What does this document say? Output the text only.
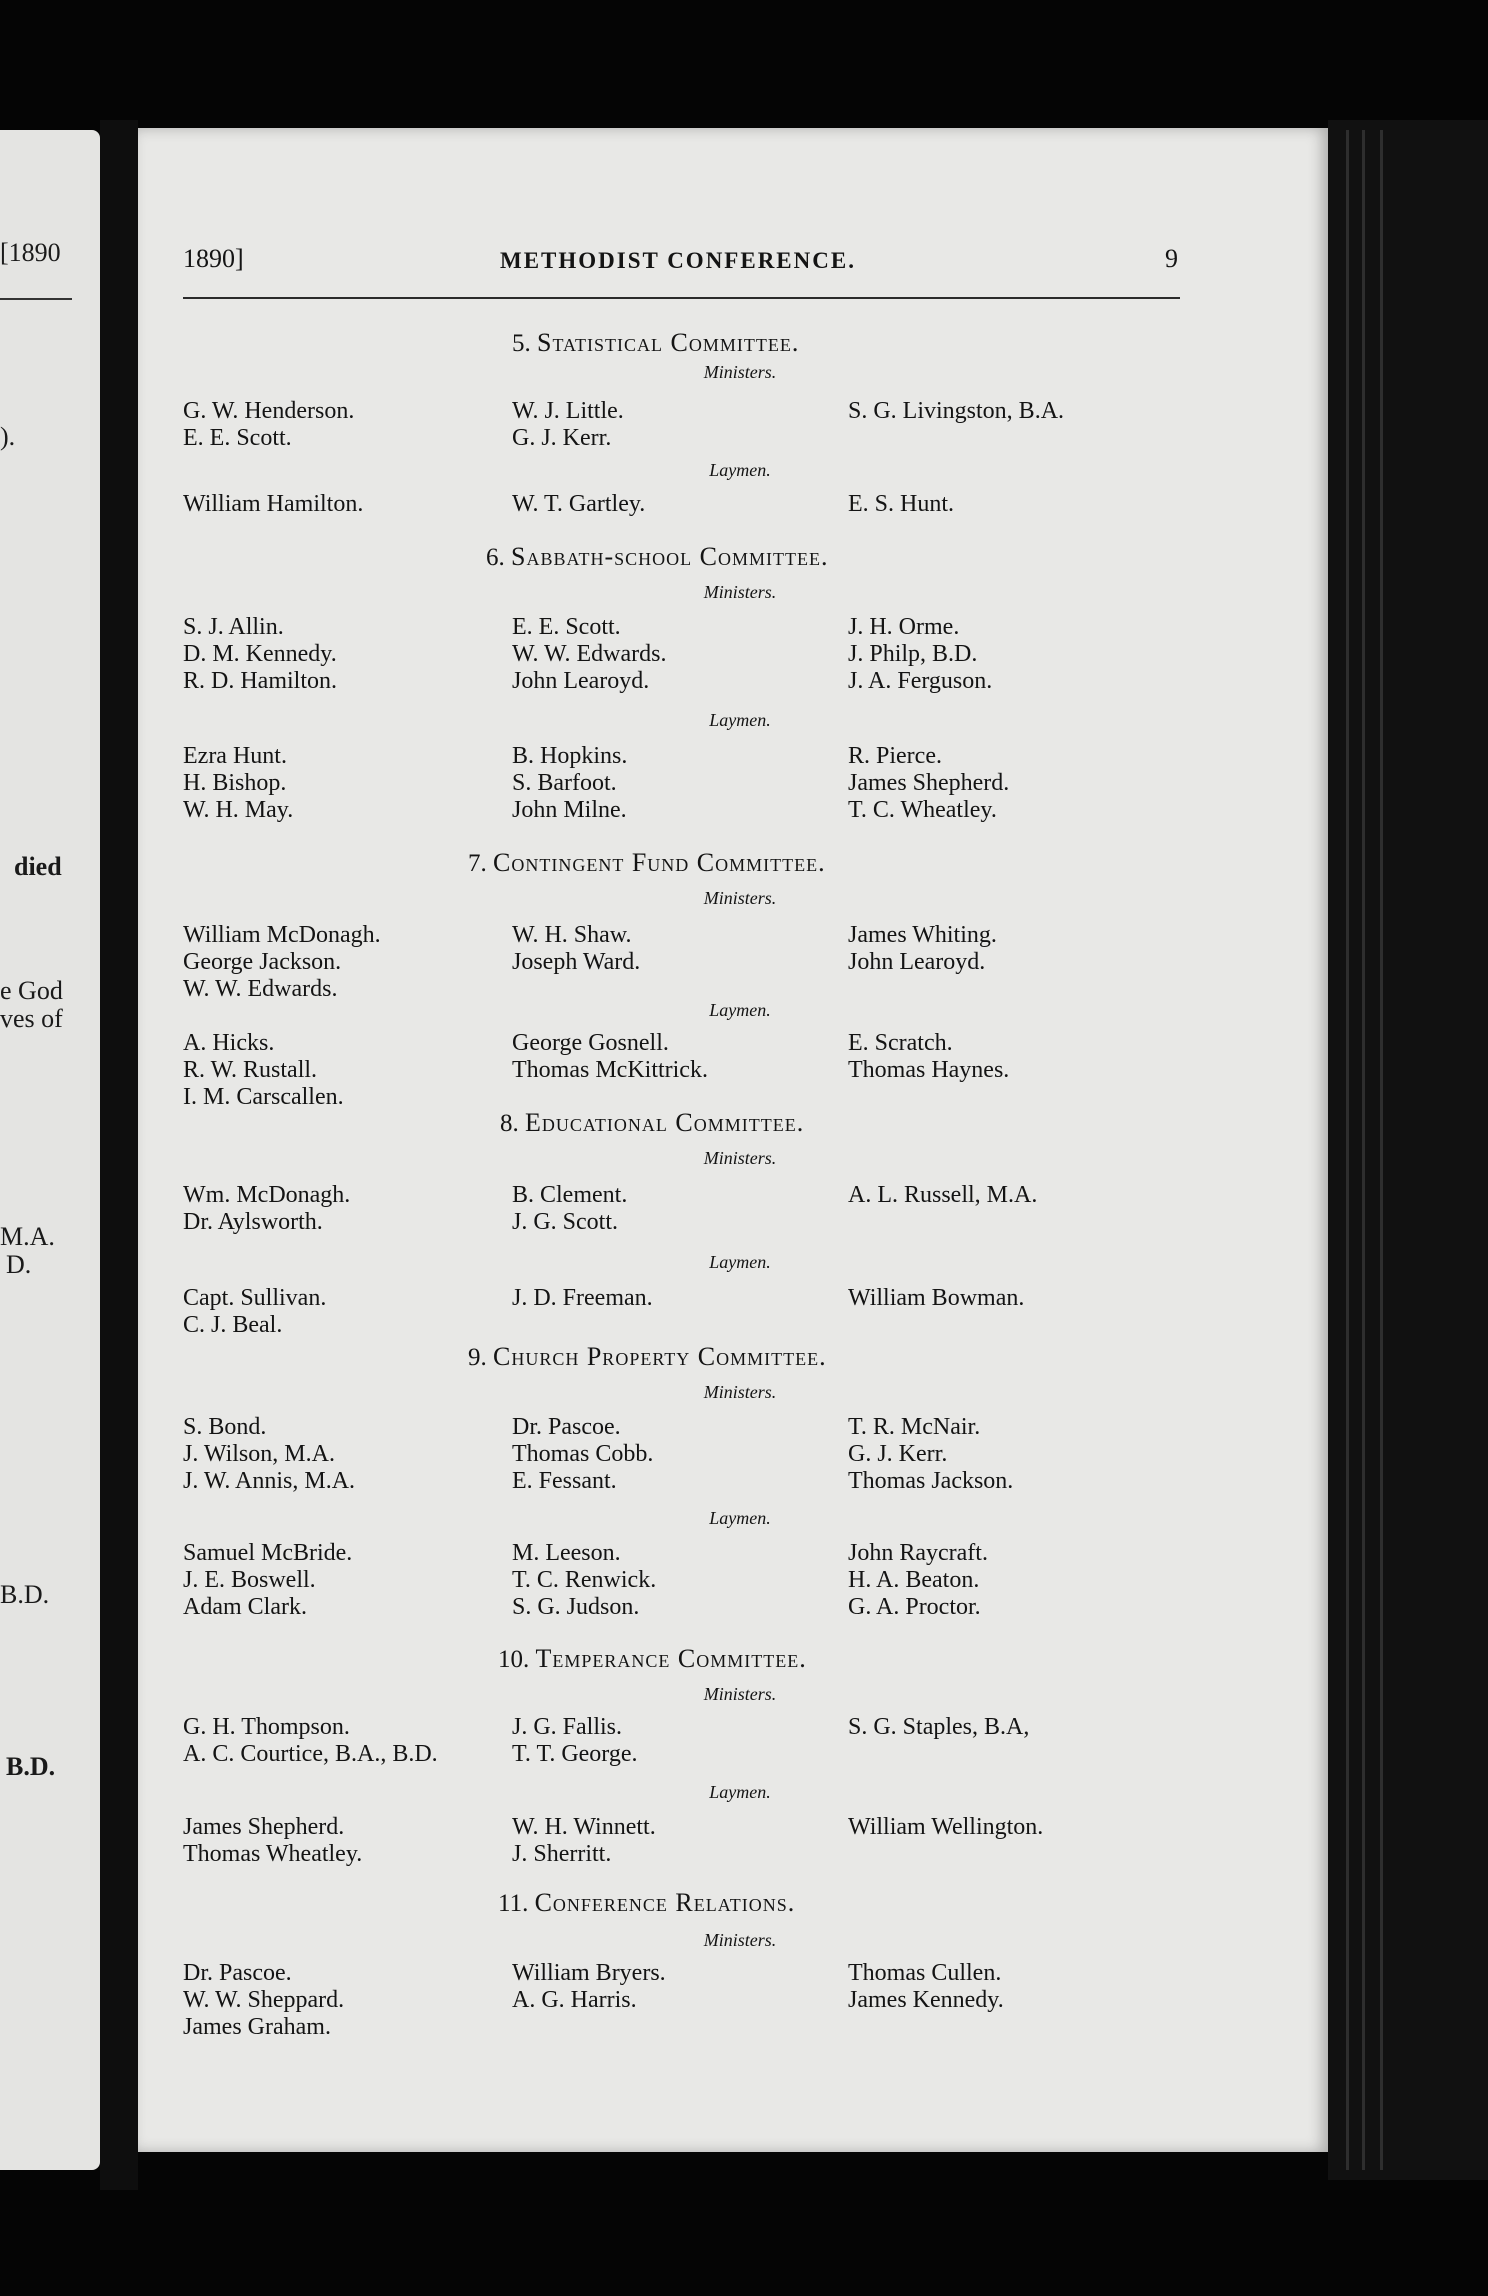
[1890
).
died
e God
ves of
M.A.
D.
B.D.
B.D.
1890]	METHODIST CONFERENCE.	9
5. Statistical Committee.
Ministers.
G. W. Henderson.	W. J. Little.	S. G. Livingston, B.A.
E. E. Scott.	G. J. Kerr.
Laymen.
William Hamilton.	W. T. Gartley.	E. S. Hunt.
6. Sabbath-school Committee.
Ministers.
S. J. Allin.	E. E. Scott.	J. H. Orme.
D. M. Kennedy.	W. W. Edwards.	J. Philp, B.D.
R. D. Hamilton.	John Learoyd.	J. A. Ferguson.
Laymen.
Ezra Hunt.	B. Hopkins.	R. Pierce.
H. Bishop.	S. Barfoot.	James Shepherd.
W. H. May.	John Milne.	T. C. Wheatley.
7. Contingent Fund Committee.
Ministers.
William McDonagh.	W. H. Shaw.	James Whiting.
George Jackson.	Joseph Ward.	John Learoyd.
W. W. Edwards.
Laymen.
A. Hicks.	George Gosnell.	E. Scratch.
R. W. Rustall.	Thomas McKittrick.	Thomas Haynes.
I. M. Carscallen.
8. Educational Committee.
Ministers.
Wm. McDonagh.	B. Clement.	A. L. Russell, M.A.
Dr. Aylsworth.	J. G. Scott.
Laymen.
Capt. Sullivan.	J. D. Freeman.	William Bowman.
C. J. Beal.
9. Church Property Committee.
Ministers.
S. Bond.	Dr. Pascoe.	T. R. McNair.
J. Wilson, M.A.	Thomas Cobb.	G. J. Kerr.
J. W. Annis, M.A.	E. Fessant.	Thomas Jackson.
Laymen.
Samuel McBride.	M. Leeson.	John Raycraft.
J. E. Boswell.	T. C. Renwick.	H. A. Beaton.
Adam Clark.	S. G. Judson.	G. A. Proctor.
10. Temperance Committee.
Ministers.
G. H. Thompson.	J. G. Fallis.	S. G. Staples, B.A,
A. C. Courtice, B.A., B.D.	T. T. George.
Laymen.
James Shepherd.	W. H. Winnett.	William Wellington.
Thomas Wheatley.	J. Sherritt.
11. Conference Relations.
Ministers.
Dr. Pascoe.	William Bryers.	Thomas Cullen.
W. W. Sheppard.	A. G. Harris.	James Kennedy.
James Graham.
